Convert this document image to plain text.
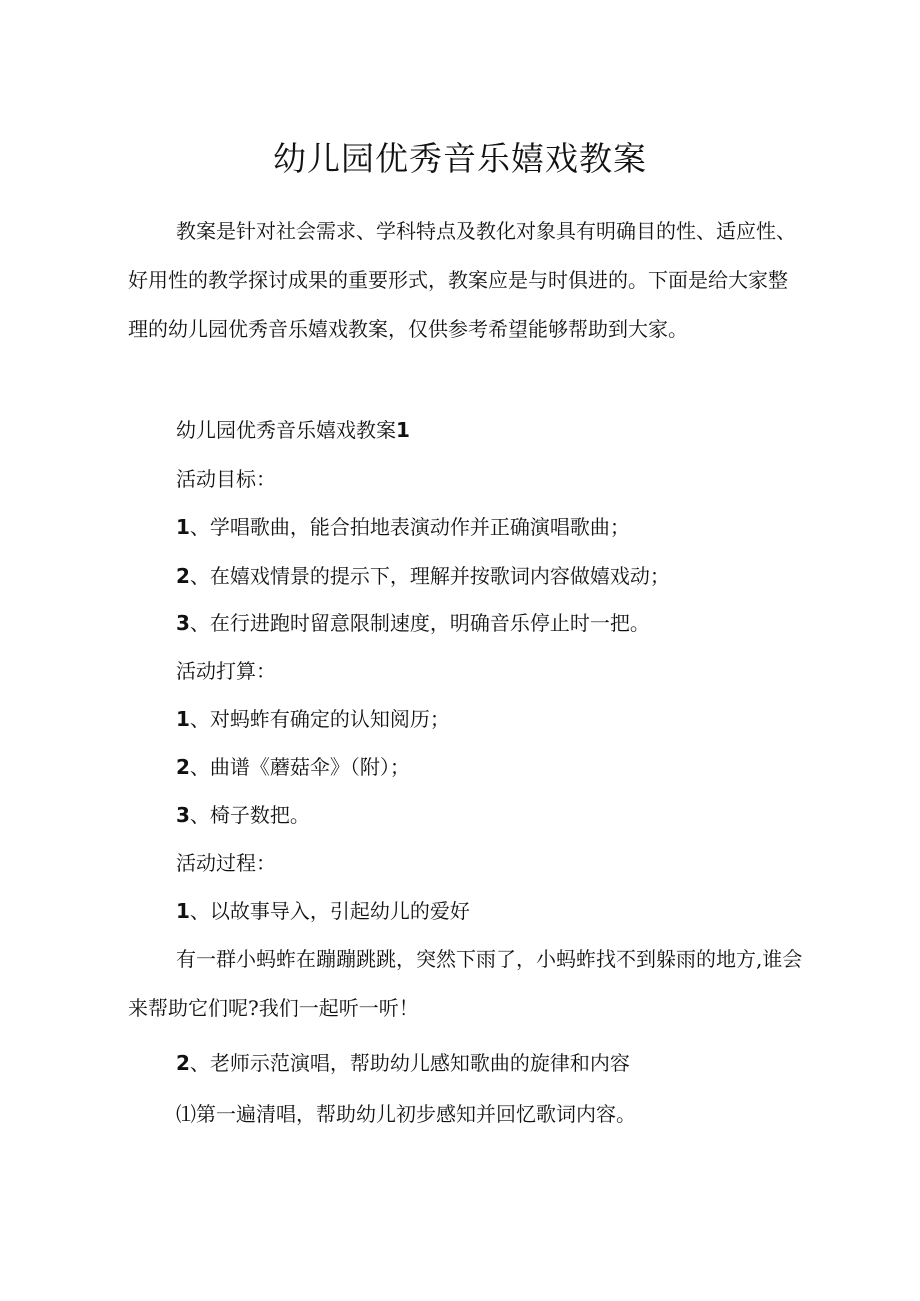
幼儿园优秀音乐嬉戏教案
教案是针对社会需求、学科特点及教化对象具有明确目的性、适应性、好用性的教学探讨成果的重要形式，教案应是与时俱进的。下面是给大家整理的幼儿园优秀音乐嬉戏教案，仅供参考希望能够帮助到大家。
幼儿园优秀音乐嬉戏教案1
活动目标：
1、学唱歌曲，能合拍地表演动作并正确演唱歌曲；
2、在嬉戏情景的提示下，理解并按歌词内容做嬉戏动；
3、在行进跑时留意限制速度，明确音乐停止时一把。
活动打算：
1、对蚂蚱有确定的认知阅历；
2、曲谱《蘑菇伞》（附）；
3、椅子数把。
活动过程：
1、以故事导入，引起幼儿的爱好
有一群小蚂蚱在蹦蹦跳跳，突然下雨了，小蚂蚱找不到躲雨的地方,谁会来帮助它们呢?我们一起听一听！
2、老师示范演唱，帮助幼儿感知歌曲的旋律和内容
⑴第一遍清唱，帮助幼儿初步感知并回忆歌词内容。
